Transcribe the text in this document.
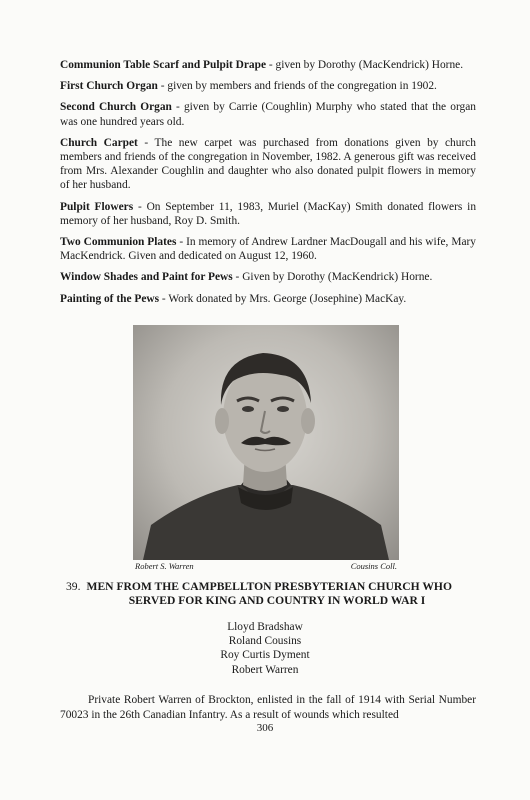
Communion Table Scarf and Pulpit Drape - given by Dorothy (MacKendrick) Horne.

First Church Organ - given by members and friends of the congregation in 1902.

Second Church Organ - given by Carrie (Coughlin) Murphy who stated that the organ was one hundred years old.

Church Carpet - The new carpet was purchased from donations given by church members and friends of the congregation in November, 1982. A generous gift was received from Mrs. Alexander Coughlin and daughter who also donated pulpit flowers in memory of her husband.

Pulpit Flowers - On September 11, 1983, Muriel (MacKay) Smith donated flowers in memory of her husband, Roy D. Smith.

Two Communion Plates - In memory of Andrew Lardner MacDougall and his wife, Mary MacKendrick. Given and dedicated on August 12, 1960.

Window Shades and Paint for Pews - Given by Dorothy (MacKendrick) Horne.

Painting of the Pews - Work donated by Mrs. George (Josephine) MacKay.

Robert S. Warren	Cousins Coll.
39. MEN FROM THE CAMPBELLTON PRESBYTERIAN CHURCH WHO
SERVED FOR KING AND COUNTRY IN WORLD WAR I
Lloyd Bradshaw
Roland Cousins
Roy Curtis Dyment
Robert Warren

Private Robert Warren of Brockton, enlisted in the fall of 1914 with Serial Number 70023 in the 26th Canadian Infantry. As a result of wounds which resulted

306
